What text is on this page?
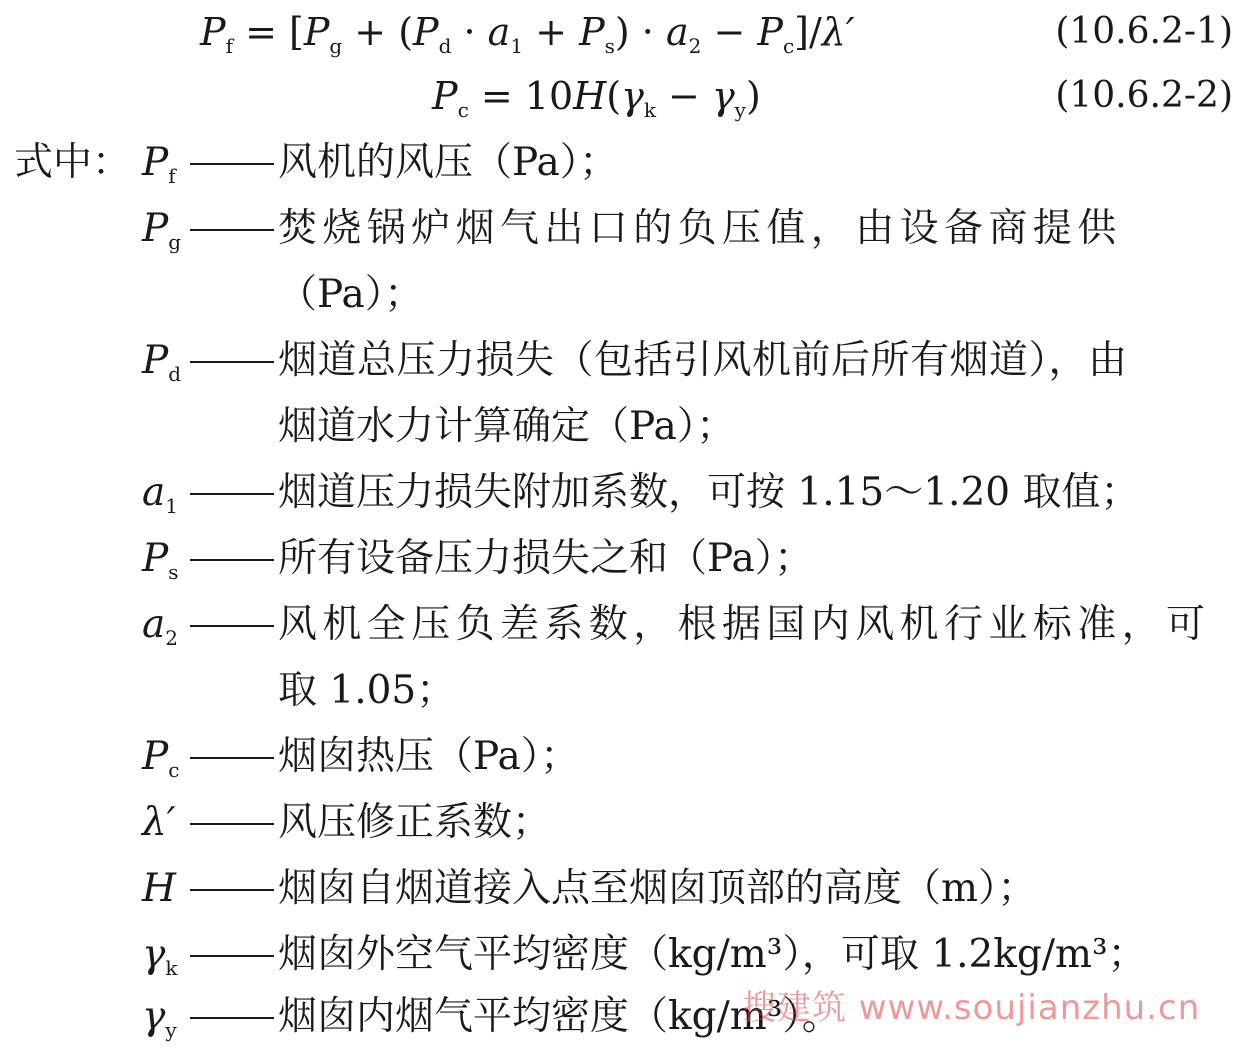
$P_f = [P_g + (P_d \cdot a_1 + P_s) \cdot a_2 - P_c]/\lambda'$	(10.6.2-1)
$P_c = 10H(\gamma_k - \gamma_y)$	(10.6.2-2)
式中： $P_f$	风机的风压（Pa）；
$P_g$ 焚烧锅炉烟气出口的负压值，由设备商提供
（Pa）；
$P_d$ 烟道总压力损失（包括引风机前后所有烟道），由
烟道水力计算确定（Pa）；
$a_1$	烟道压力损失附加系数，可按 1.15～1.20 取值；
$P_s$	所有设备压力损失之和（Pa）；
$a_2$	风机全压负差系数，根据国内风机行业标准，可
取 1.05；
$P_c$	烟囱热压（Pa）；
λ′	风压修正系数；
H	烟囱自烟道接入点至烟囱顶部的高度（m）；
$\gamma_k$	烟囱外空气平均密度（kg/m³），可取 1.2kg/m³；
$\gamma_y$	烟囱内烟气平均密度（kg/m³）。
搜建筑 www.soujianzhu.cn
